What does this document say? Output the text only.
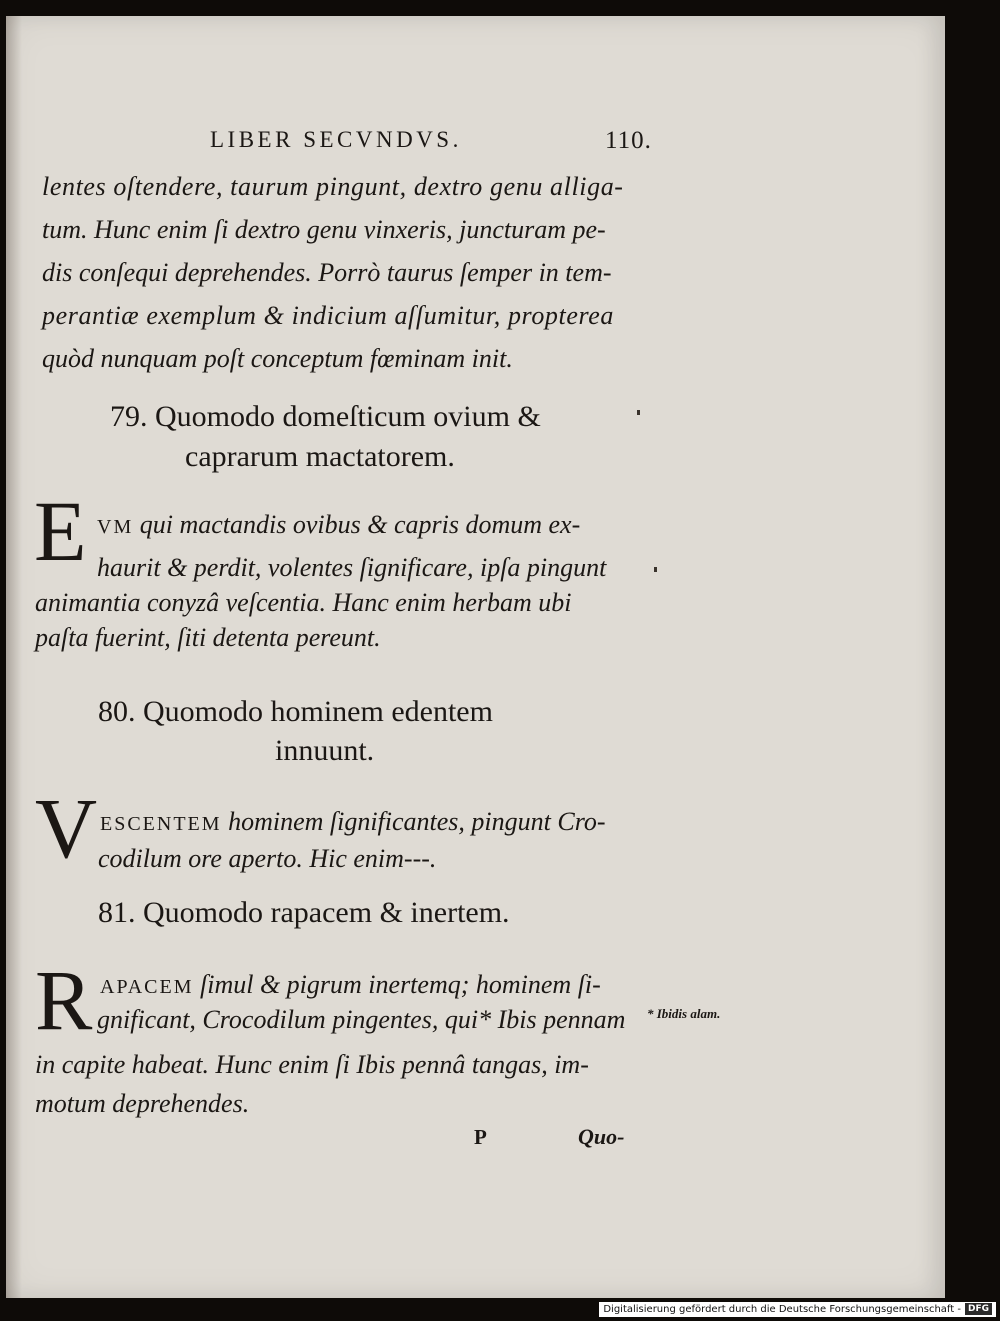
LIBER SECVNDVS.	110.

lentes oſtendere, taurum pingunt, dextro genu alliga-

tum. Hunc enim ſi dextro genu vinxeris, juncturam pe-

dis conſequi deprehendes. Porrò taurus ſemper in tem-

perantiæ exemplum & indicium aſſumitur, propterea

quòd nunquam poſt conceptum fœminam init.

79. Quomodo domeſticum ovium &

caprarum mactatorem.

E VM qui mactandis ovibus & capris domum ex-

haurit & perdit, volentes ſignificare, ipſa pingunt

animantia conyzâ veſcentia. Hanc enim herbam ubi

paſta fuerint, ſiti detenta pereunt.

80. Quomodo hominem edentem

innuunt.

V ESCENTEM hominem ſignificantes, pingunt Cro-

codilum ore aperto. Hic enim---.

81. Quomodo rapacem & inertem.

R APACEM ſimul & pigrum inertemq; hominem ſi-

gnificant, Crocodilum pingentes, qui* Ibis pennam

in capite habeat. Hunc enim ſi Ibis pennâ tangas, im-

motum deprehendes.

* Ibidis alam.

P	Quo-

Digitalisierung gefördert durch die Deutsche Forschungsgemeinschaft - DFG
